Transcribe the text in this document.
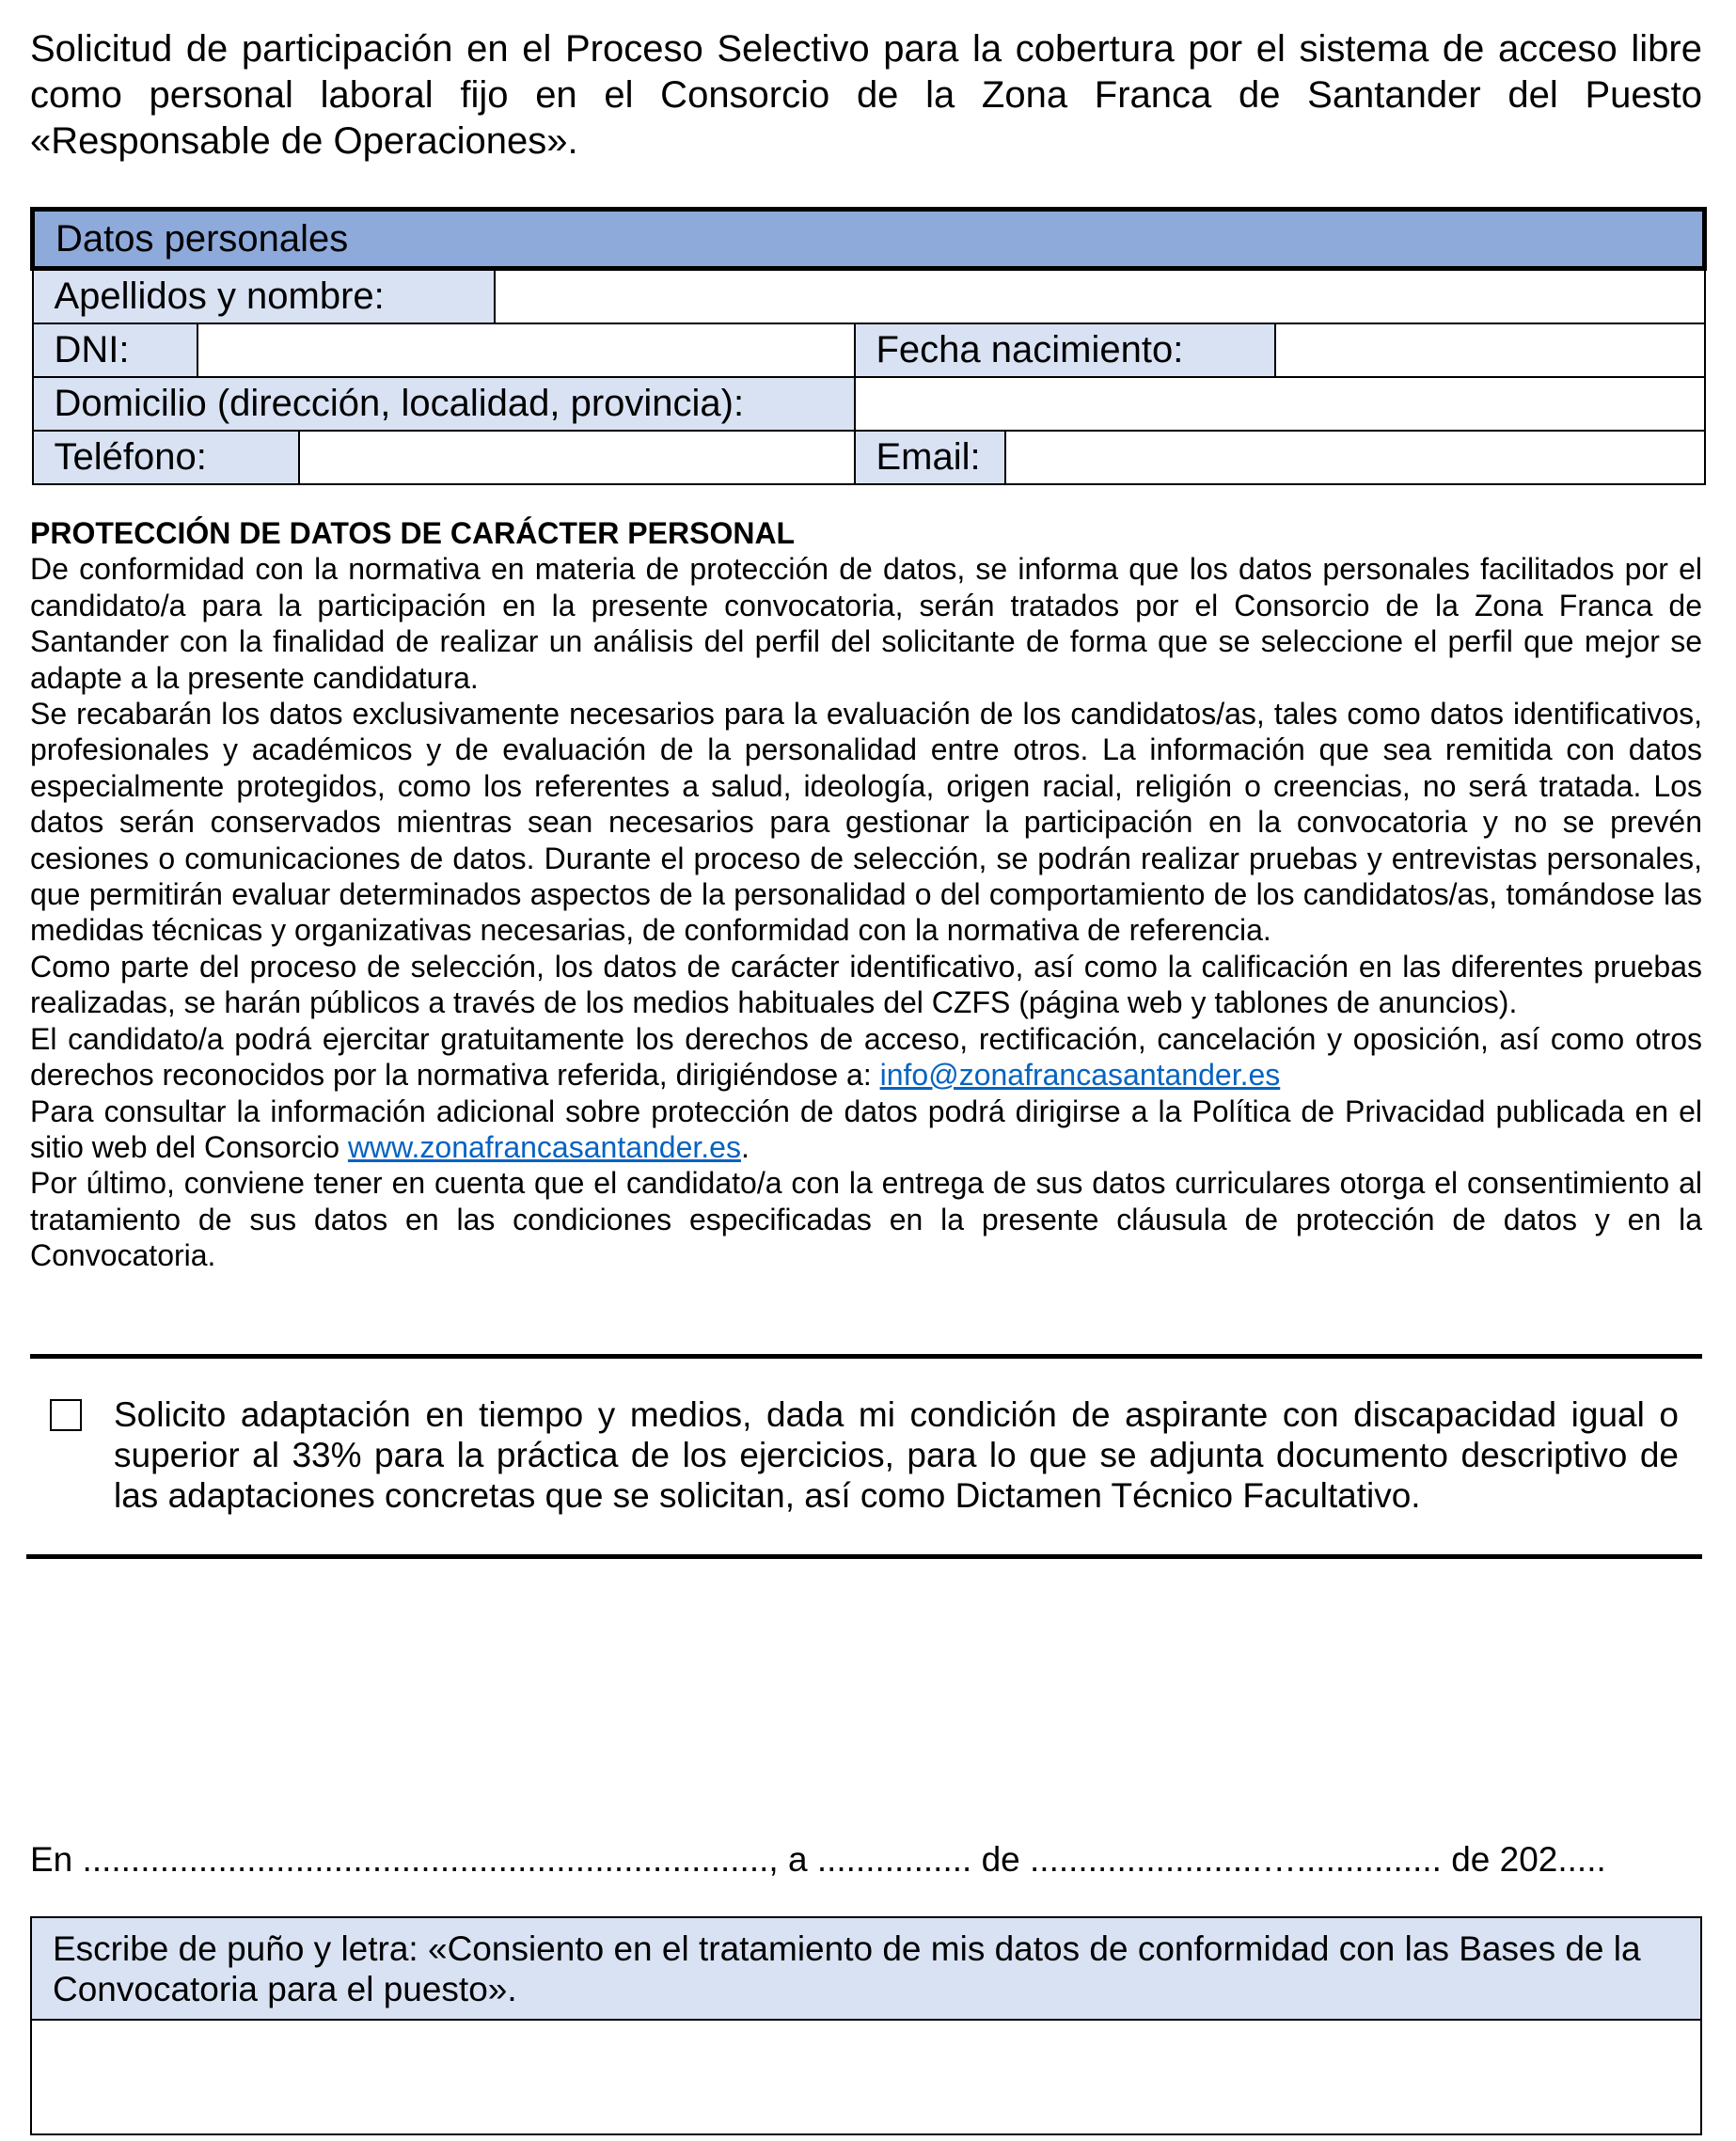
Solicitud de participación en el Proceso Selectivo para la cobertura por el sistema de acceso libre como personal laboral fijo en el Consorcio de la Zona Franca de Santander del Puesto «Responsable de Operaciones».

Datos personales						
Apellidos y nombre:						
DNI:				Fecha nacimiento:		
Domicilio (dirección, localidad, provincia):						
Teléfono:				Email:		

PROTECCIÓN DE DATOS DE CARÁCTER PERSONAL

De conformidad con la normativa en materia de protección de datos, se informa que los datos personales facilitados por el candidato/a para la participación en la presente convocatoria, serán tratados por el Consorcio de la Zona Franca de Santander con la finalidad de realizar un análisis del perfil del solicitante de forma que se seleccione el perfil que mejor se adapte a la presente candidatura.

Se recabarán los datos exclusivamente necesarios para la evaluación de los candidatos/as, tales como datos identificativos, profesionales y académicos y de evaluación de la personalidad entre otros. La información que sea remitida con datos especialmente protegidos, como los referentes a salud, ideología, origen racial, religión o creencias, no será tratada. Los datos serán conservados mientras sean necesarios para gestionar la participación en la convocatoria y no se prevén cesiones o comunicaciones de datos. Durante el proceso de selección, se podrán realizar pruebas y entrevistas personales, que permitirán evaluar determinados aspectos de la personalidad o del comportamiento de los candidatos/as, tomándose las medidas técnicas y organizativas necesarias, de conformidad con la normativa de referencia.

Como parte del proceso de selección, los datos de carácter identificativo, así como la calificación en las diferentes pruebas realizadas, se harán públicos a través de los medios habituales del CZFS (página web y tablones de anuncios).

El candidato/a podrá ejercitar gratuitamente los derechos de acceso, rectificación, cancelación y oposición, así como otros derechos reconocidos por la normativa referida, dirigiéndose a: info@zonafrancasantander.es

Para consultar la información adicional sobre protección de datos podrá dirigirse a la Política de Privacidad publicada en el sitio web del Consorcio www.zonafrancasantander.es.

Por último, conviene tener en cuenta que el candidato/a con la entrega de sus datos curriculares otorga el consentimiento al tratamiento de sus datos en las condiciones especificadas en la presente cláusula de protección de datos y en la Convocatoria.

Solicito adaptación en tiempo y medios, dada mi condición de aspirante con discapacidad igual o superior al 33% para la práctica de los ejercicios, para lo que se adjunta documento descriptivo de las adaptaciones concretas que se solicitan, así como Dictamen Técnico Facultativo.
En ......................................................................., a ................ de ........................…............... de 202.....
Escribe de puño y letra: «Consiento en el tratamiento de mis datos de conformidad con las Bases de la Convocatoria para el puesto».
